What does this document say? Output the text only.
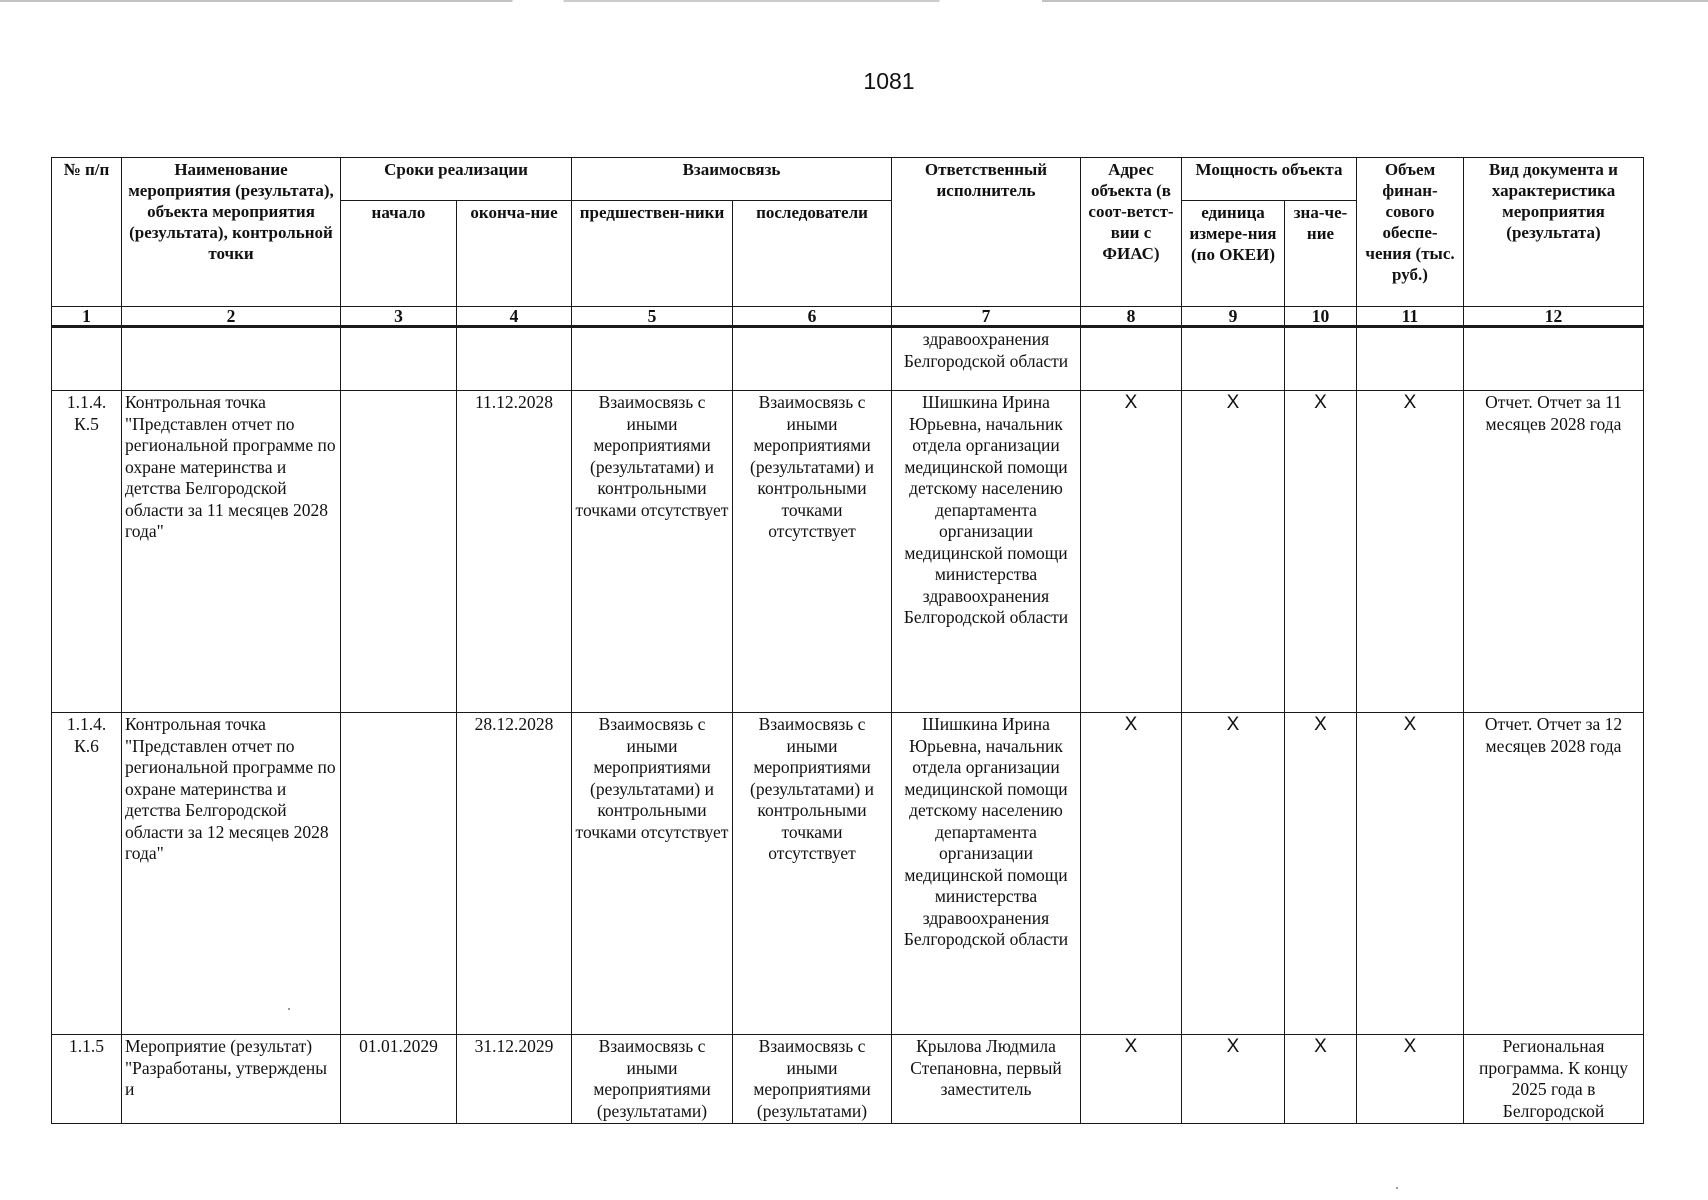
1081
№ п/п	Наименование мероприятия (результата), объекта мероприятия (результата), контрольной точки	Сроки реализации		Взаимосвязь		Ответственный исполнитель	Адрес объекта (в соот-ветст-вии с ФИАС)	Мощность объекта		Объем финан-сового обеспе-чения (тыс. руб.)	Вид документа и характеристика мероприятия (результата)
		начало	оконча-ние	предшествен-ники	последователи			единица измере-ния (по ОКЕИ)	зна-че-ние		
1	2	3	4	5	6	7	8	9	10	11	12
						здравоохранения Белгородской области					
1.1.4. К.5	Контрольная точка "Представлен отчет по региональной программе по охране материнства и детства Белгородской области за 11 месяцев 2028 года"		11.12.2028	Взаимосвязь с иными мероприятиями (результатами) и контрольными точками отсутствует	Взаимосвязь с иными мероприятиями (результатами) и контрольными точками отсутствует	Шишкина Ирина Юрьевна, начальник отдела организации медицинской помощи детскому населению департамента организации медицинской помощи министерства здравоохранения Белгородской области	X	X	X	X	Отчет. Отчет за 11 месяцев 2028 года
1.1.4. К.6	Контрольная точка "Представлен отчет по региональной программе по охране материнства и детства Белгородской области за 12 месяцев 2028 года"		28.12.2028	Взаимосвязь с иными мероприятиями (результатами) и контрольными точками отсутствует	Взаимосвязь с иными мероприятиями (результатами) и контрольными точками отсутствует	Шишкина Ирина Юрьевна, начальник отдела организации медицинской помощи детскому населению департамента организации медицинской помощи министерства здравоохранения Белгородской области	X	X	X	X	Отчет. Отчет за 12 месяцев 2028 года
1.1.5	Мероприятие (результат) "Разработаны, утверждены и	01.01.2029	31.12.2029	Взаимосвязь с иными мероприятиями (результатами)	Взаимосвязь с иными мероприятиями (результатами)	Крылова Людмила Степановна, первый заместитель	X	X	X	X	Региональная программа. К концу 2025 года в Белгородской
